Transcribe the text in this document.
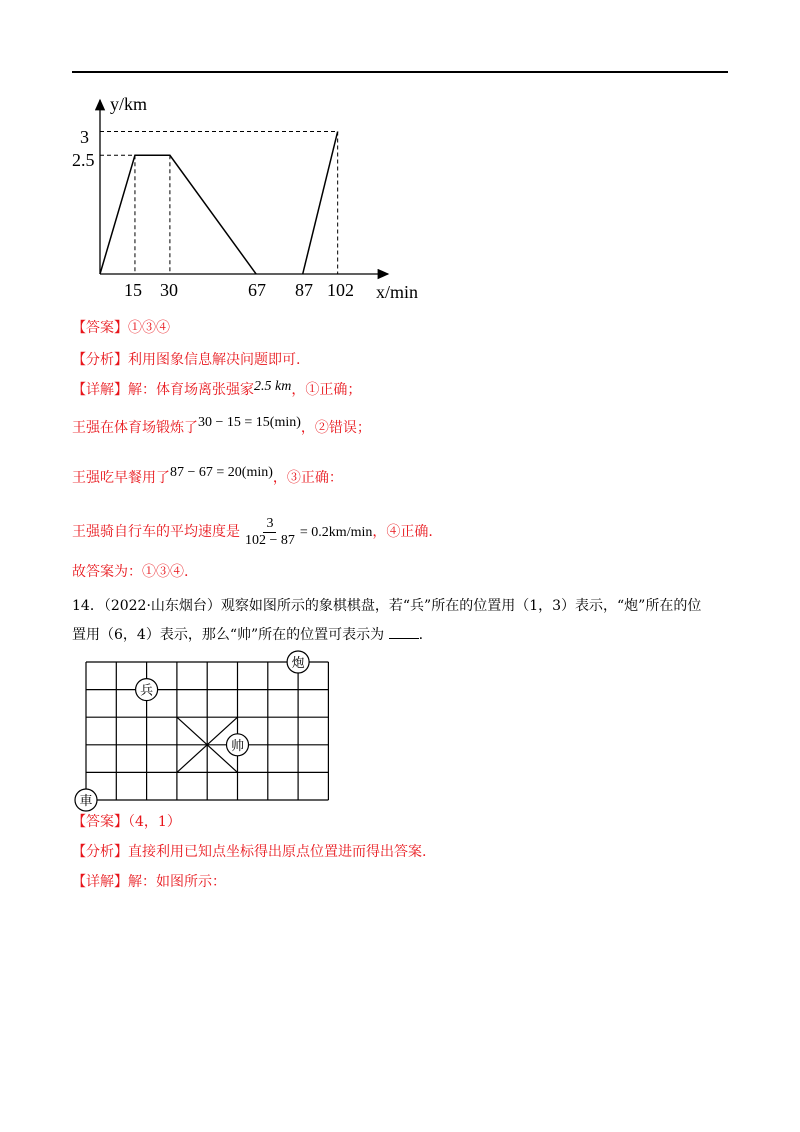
y/km
x/min
3
2.5
15 30	67 87 102
【答案】①③④
【分析】利用图象信息解决问题即可.
【详解】解：体育场离张强家2.5 km，①正确；
王强在体育场锻炼了30 − 15 = 15(min)，②错误；
王强吃早餐用了87 − 67 = 20(min)，③正确：
王强骑自行车的平均速度是 $\frac{3}{102 - 87} = 0.2km/\min$，④正确.
故答案为：①③④.
14．（2022·山东烟台）观察如图所示的象棋棋盘，若“兵”所在的位置用（1，3）表示，“炮”所在的位
置用（6，4）表示，那么“帅”所在的位置可表示为 .
兵
炮
帅
車
【答案】（4，1）
【分析】直接利用已知点坐标得出原点位置进而得出答案.
【详解】解：如图所示：
